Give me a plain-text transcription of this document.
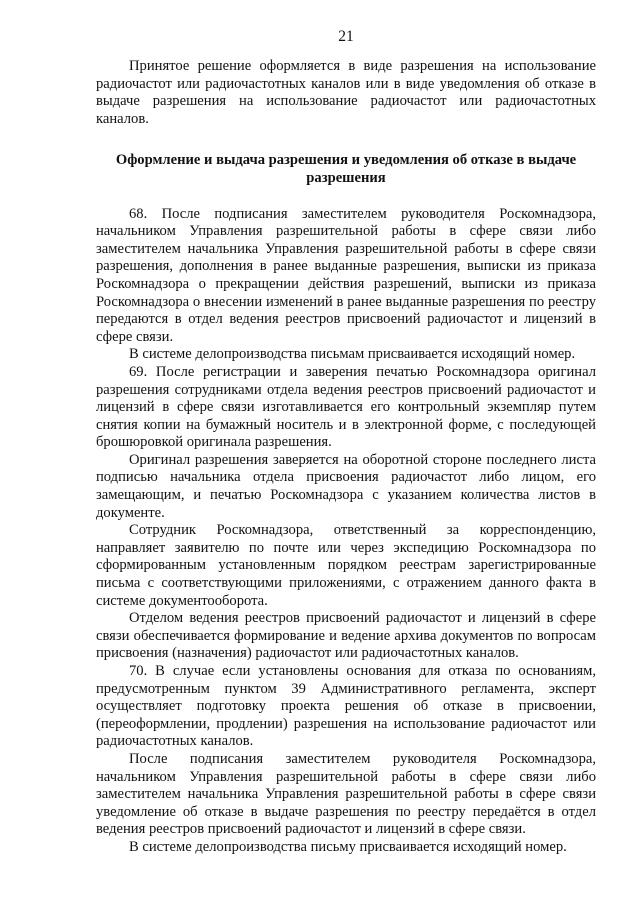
21

Принятое решение оформляется в виде разрешения на использование радиочастот или радиочастотных каналов или в виде уведомления об отказе в выдаче разрешения на использование радиочастот или радиочастотных каналов.

Оформление и выдача разрешения и уведомления об отказе в выдаче разрешения

68. После подписания заместителем руководителя Роскомнадзора, начальником Управления разрешительной работы в сфере связи либо заместителем начальника Управления разрешительной работы в сфере связи разрешения, дополнения в ранее выданные разрешения, выписки из приказа Роскомнадзора о прекращении действия разрешений, выписки из приказа Роскомнадзора о внесении изменений в ранее выданные разрешения по реестру передаются в отдел ведения реестров присвоений радиочастот и лицензий в сфере связи.

В системе делопроизводства письмам присваивается исходящий номер.

69. После регистрации и заверения печатью Роскомнадзора оригинал разрешения сотрудниками отдела ведения реестров присвоений радиочастот и лицензий в сфере связи изготавливается его контрольный экземпляр путем снятия копии на бумажный носитель и в электронной форме, с последующей брошюровкой оригинала разрешения.

Оригинал разрешения заверяется на оборотной стороне последнего листа подписью начальника отдела присвоения радиочастот либо лицом, его замещающим, и печатью Роскомнадзора с указанием количества листов в документе.

Сотрудник Роскомнадзора, ответственный за корреспонденцию, направляет заявителю по почте или через экспедицию Роскомнадзора по сформированным установленным порядком реестрам зарегистрированные письма с соответствующими приложениями, с отражением данного факта в системе документооборота.

Отделом ведения реестров присвоений радиочастот и лицензий в сфере связи обеспечивается формирование и ведение архива документов по вопросам присвоения (назначения) радиочастот или радиочастотных каналов.

70. В случае если установлены основания для отказа по основаниям, предусмотренным пунктом 39 Административного регламента, эксперт осуществляет подготовку проекта решения об отказе в присвоении, (переоформлении, продлении) разрешения на использование радиочастот или радиочастотных каналов.

После подписания заместителем руководителя Роскомнадзора, начальником Управления разрешительной работы в сфере связи либо заместителем начальника Управления разрешительной работы в сфере связи уведомление об отказе в выдаче разрешения по реестру передаётся в отдел ведения реестров присвоений радиочастот и лицензий в сфере связи.

В системе делопроизводства письму присваивается исходящий номер.
